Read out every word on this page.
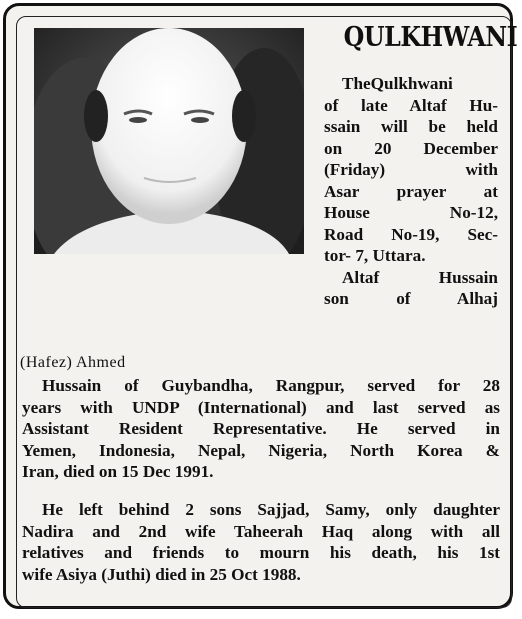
QULKHWANI
TheQulkhwani
of late Altaf Hu-
ssain will be held
on 20 December
(Friday) with
Asar prayer at
House No-12,
Road No-19, Sec-
tor- 7, Uttara.
Altaf Hussain
son of Alhaj
(Hafez) Ahmed
Hussain of Guybandha, Rangpur, served for 28
years with UNDP (International) and last served as
Assistant Resident Representative. He served in
Yemen, Indonesia, Nepal, Nigeria, North Korea &
Iran, died on 15 Dec 1991.
He left behind 2 sons Sajjad, Samy, only daughter
Nadira and 2nd wife Taheerah Haq along with all
relatives and friends to mourn his death, his 1st
wife Asiya (Juthi) died in 25 Oct 1988.
